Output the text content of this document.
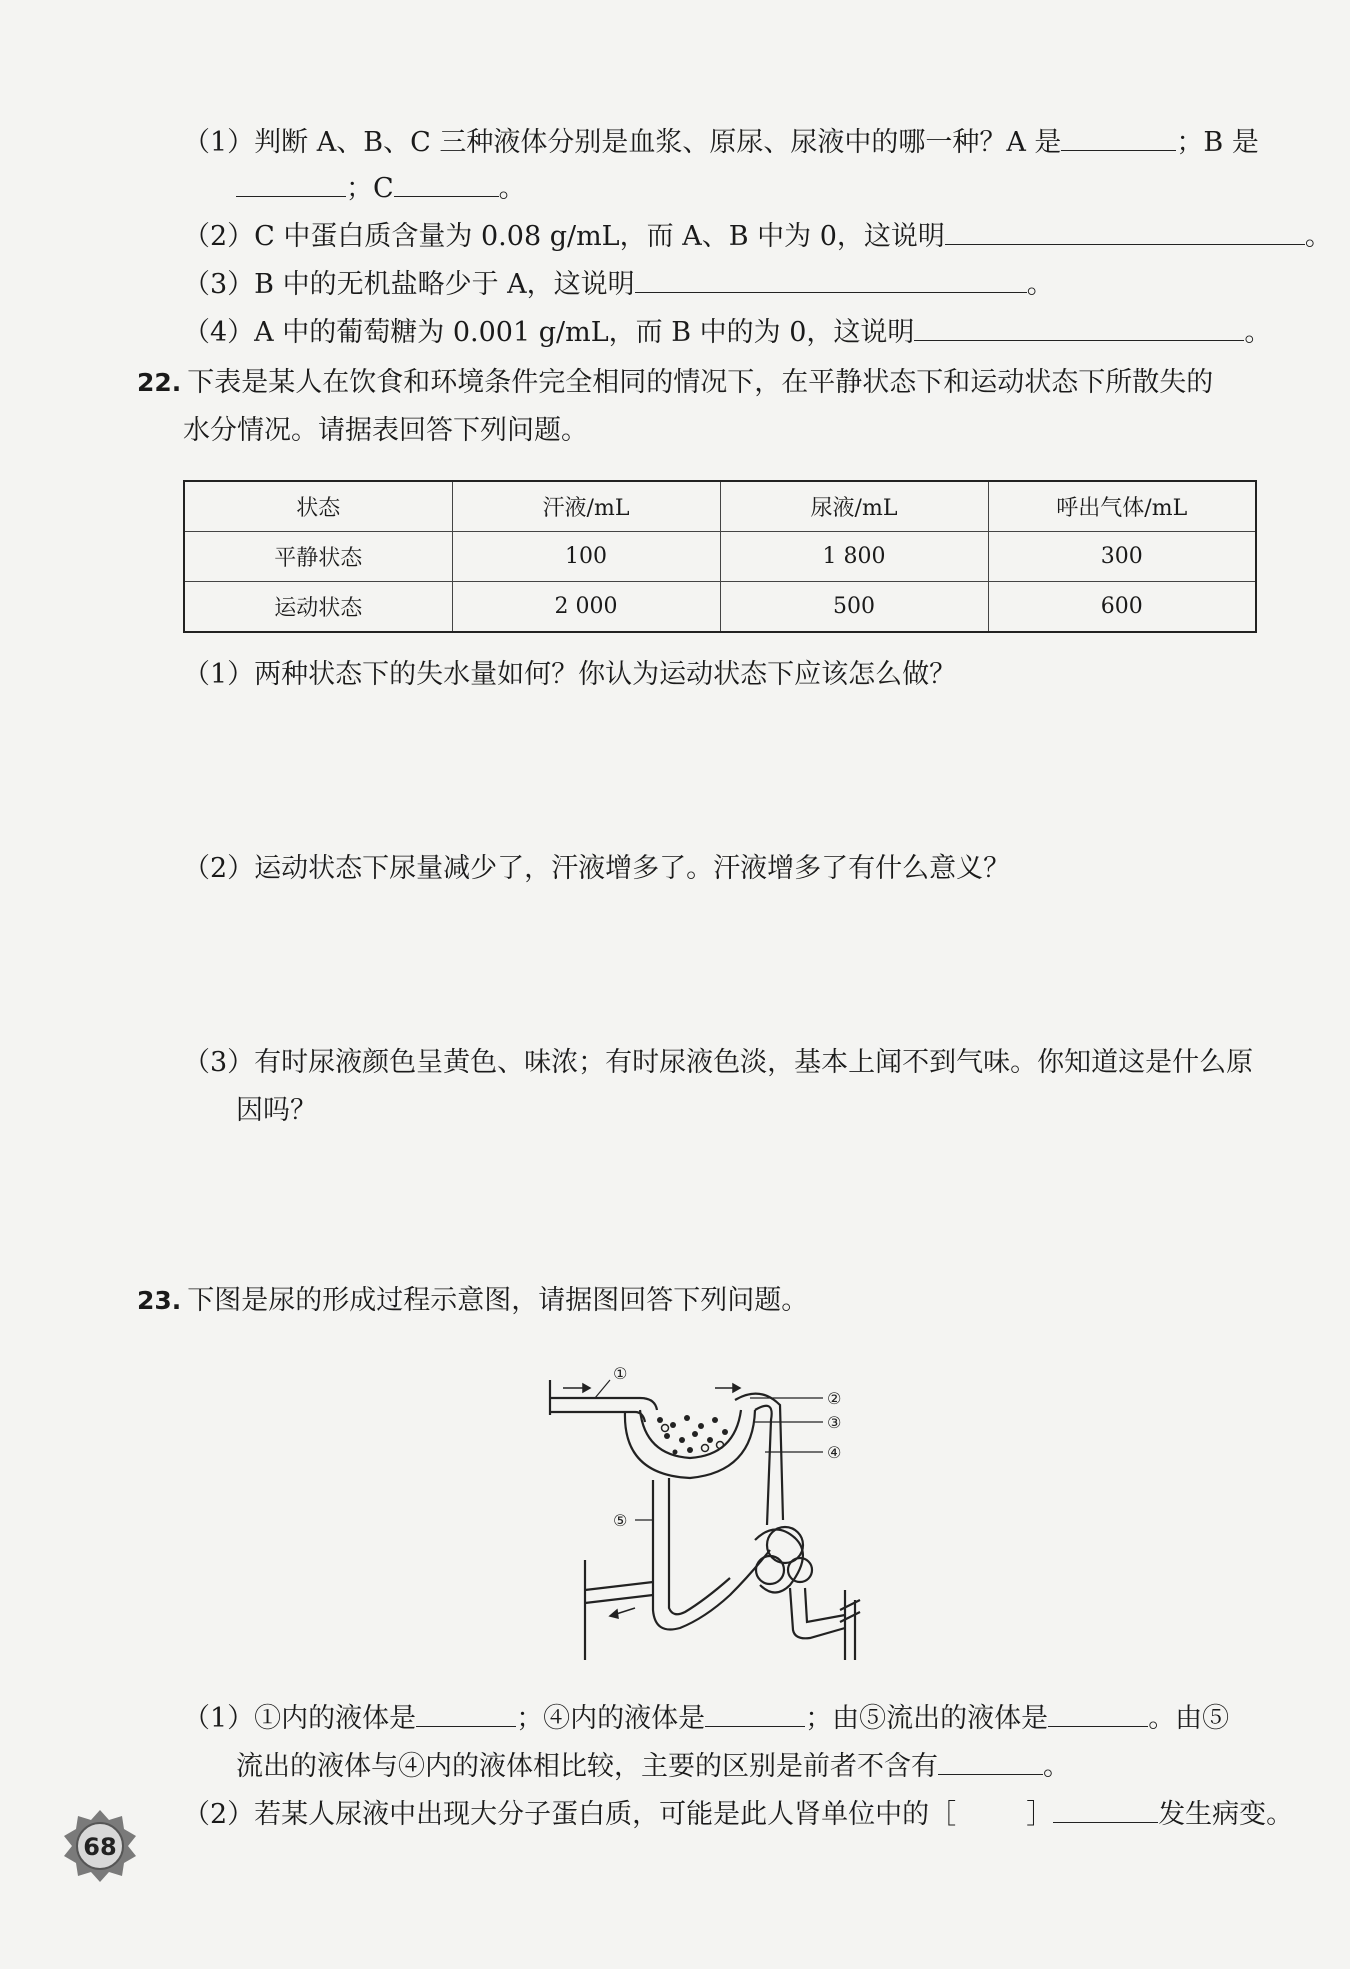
（1）判断 A、B、C 三种液体分别是血浆、原尿、尿液中的哪一种？A 是	；B 是
；C	。
（2）C 中蛋白质含量为 0.08 g/mL，而 A、B 中为 0，这说明	。
（3）B 中的无机盐略少于 A，这说明	。
（4）A 中的葡萄糖为 0.001 g/mL，而 B 中的为 0，这说明	。
22. 下表是某人在饮食和环境条件完全相同的情况下，在平静状态下和运动状态下所散失的
水分情况。请据表回答下列问题。
状态	汗液/mL	尿液/mL	呼出气体/mL
平静状态	100	1 800	300
运动状态	2 000	500	600
（1）两种状态下的失水量如何？你认为运动状态下应该怎么做？
（2）运动状态下尿量减少了，汗液增多了。汗液增多了有什么意义？
（3）有时尿液颜色呈黄色、味浓；有时尿液色淡，基本上闻不到气味。你知道这是什么原
因吗？
23. 下图是尿的形成过程示意图，请据图回答下列问题。
①
②
③
④
⑤
（1）①内的液体是	；④内的液体是	；由⑤流出的液体是	。由⑤
流出的液体与④内的液体相比较，主要的区别是前者不含有	。
（2）若某人尿液中出现大分子蛋白质，可能是此人肾单位中的［	］	发生病变。
68
